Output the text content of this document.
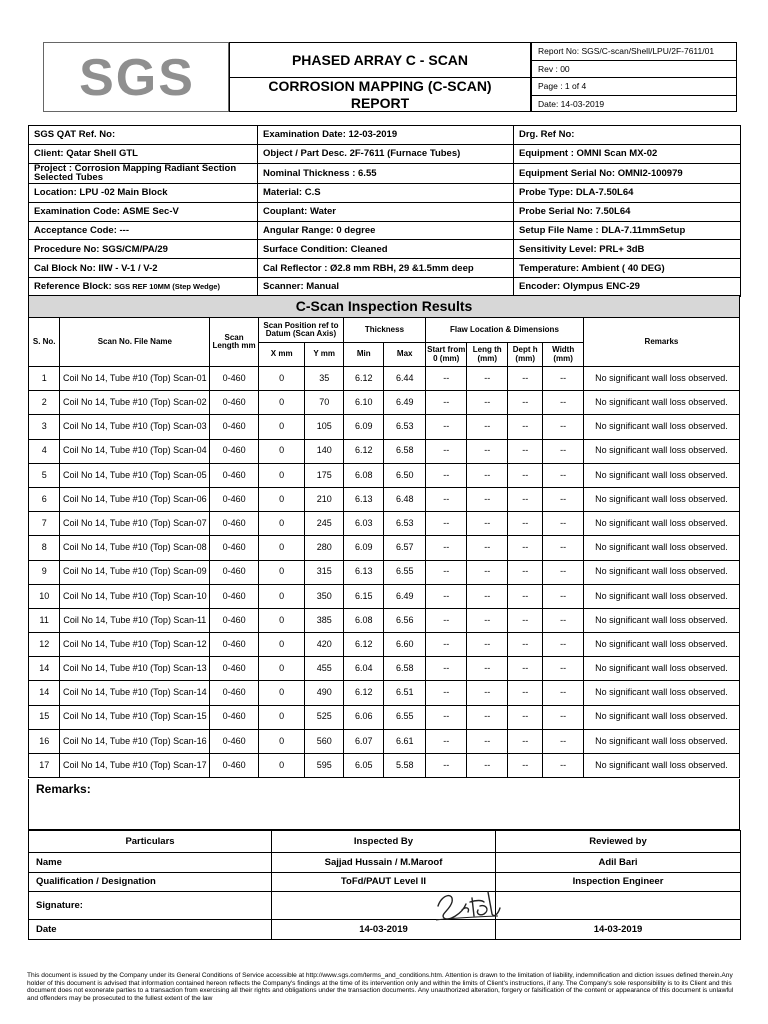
SGS	PHASED ARRAY C - SCAN
CORROSION MAPPING (C-SCAN)
REPORT
Report No: SGS/C-scan/Shell/LPU/2F-7611/01
Rev : 00
Page : 1 of 4
Date: 14-03-2019
SGS QAT Ref. No:	Examination Date: 12-03-2019	Drg. Ref No:
Client: Qatar Shell GTL	Object / Part Desc. 2F-7611 (Furnace Tubes)	Equipment : OMNI Scan MX-02
Project : Corrosion Mapping Radiant Section Selected Tubes	Nominal Thickness : 6.55	Equipment Serial No: OMNI2-100979
Location: LPU -02 Main Block	Material: C.S	Probe Type: DLA-7.50L64
Examination Code: ASME Sec-V	Couplant: Water	Probe Serial No: 7.50L64
Acceptance Code: ---	Angular Range: 0 degree	Setup File Name : DLA-7.11mmSetup
Procedure No: SGS/CM/PA/29	Surface Condition: Cleaned	Sensitivity Level: PRL+ 3dB
Cal Block No: IIW - V-1 / V-2	Cal Reflector : Ø2.8 mm RBH, 29 &1.5mm deep	Temperature: Ambient ( 40 DEG)
Reference Block: SGS REF 10MM (Step Wedge)	Scanner: Manual	Encoder: Olympus ENC-29
C-Scan Inspection Results											
S. No.	Scan No. File Name	Scan Length mm	Scan Position ref to Datum (Scan Axis)		Thickness		Flaw Location & Dimensions				Remarks
			X mm	Y mm	Min	Max	Start from 0 (mm)	Leng th (mm)	Dept h (mm)	Width (mm)	
1	Coil No 14, Tube #10 (Top) Scan-01	0-460	0	35	6.12	6.44	--	--	--	--	No significant wall loss observed.
2	Coil No 14, Tube #10 (Top) Scan-02	0-460	0	70	6.10	6.49	--	--	--	--	No significant wall loss observed.
3	Coil No 14, Tube #10 (Top) Scan-03	0-460	0	105	6.09	6.53	--	--	--	--	No significant wall loss observed.
4	Coil No 14, Tube #10 (Top) Scan-04	0-460	0	140	6.12	6.58	--	--	--	--	No significant wall loss observed.
5	Coil No 14, Tube #10 (Top) Scan-05	0-460	0	175	6.08	6.50	--	--	--	--	No significant wall loss observed.
6	Coil No 14, Tube #10 (Top) Scan-06	0-460	0	210	6.13	6.48	--	--	--	--	No significant wall loss observed.
7	Coil No 14, Tube #10 (Top) Scan-07	0-460	0	245	6.03	6.53	--	--	--	--	No significant wall loss observed.
8	Coil No 14, Tube #10 (Top) Scan-08	0-460	0	280	6.09	6.57	--	--	--	--	No significant wall loss observed.
9	Coil No 14, Tube #10 (Top) Scan-09	0-460	0	315	6.13	6.55	--	--	--	--	No significant wall loss observed.
10	Coil No 14, Tube #10 (Top) Scan-10	0-460	0	350	6.15	6.49	--	--	--	--	No significant wall loss observed.
11	Coil No 14, Tube #10 (Top) Scan-11	0-460	0	385	6.08	6.56	--	--	--	--	No significant wall loss observed.
12	Coil No 14, Tube #10 (Top) Scan-12	0-460	0	420	6.12	6.60	--	--	--	--	No significant wall loss observed.
14	Coil No 14, Tube #10 (Top) Scan-13	0-460	0	455	6.04	6.58	--	--	--	--	No significant wall loss observed.
14	Coil No 14, Tube #10 (Top) Scan-14	0-460	0	490	6.12	6.51	--	--	--	--	No significant wall loss observed.
15	Coil No 14, Tube #10 (Top) Scan-15	0-460	0	525	6.06	6.55	--	--	--	--	No significant wall loss observed.
16	Coil No 14, Tube #10 (Top) Scan-16	0-460	0	560	6.07	6.61	--	--	--	--	No significant wall loss observed.
17	Coil No 14, Tube #10 (Top) Scan-17	0-460	0	595	6.05	5.58	--	--	--	--	No significant wall loss observed.
Remarks:
Particulars	Inspected By	Reviewed by
Name	Sajjad Hussain / M.Maroof	Adil Bari
Qualification / Designation	ToFd/PAUT Level II	Inspection Engineer
Signature:		
Date	14-03-2019	14-03-2019
This document is issued by the Company under its General Conditions of Service accessible at http://www.sgs.com/terms_and_conditions.htm. Attention is drawn to the limitation of liability, indemnification and diction issues defined therein.Any holder of this document is advised that information contained hereon reflects the Company's findings at the time of its intervention only and within the limits of Client's instructions, if any. The Company's sole responsibility is to its Client and this document does not exonerate parties to a transaction from exercising all their rights and obligations under the transaction documents. Any unauthorized alteration, forgery or falsification of the content or appearance of this document is unlawful and offenders may be prosecuted to the fullest extent of the law
